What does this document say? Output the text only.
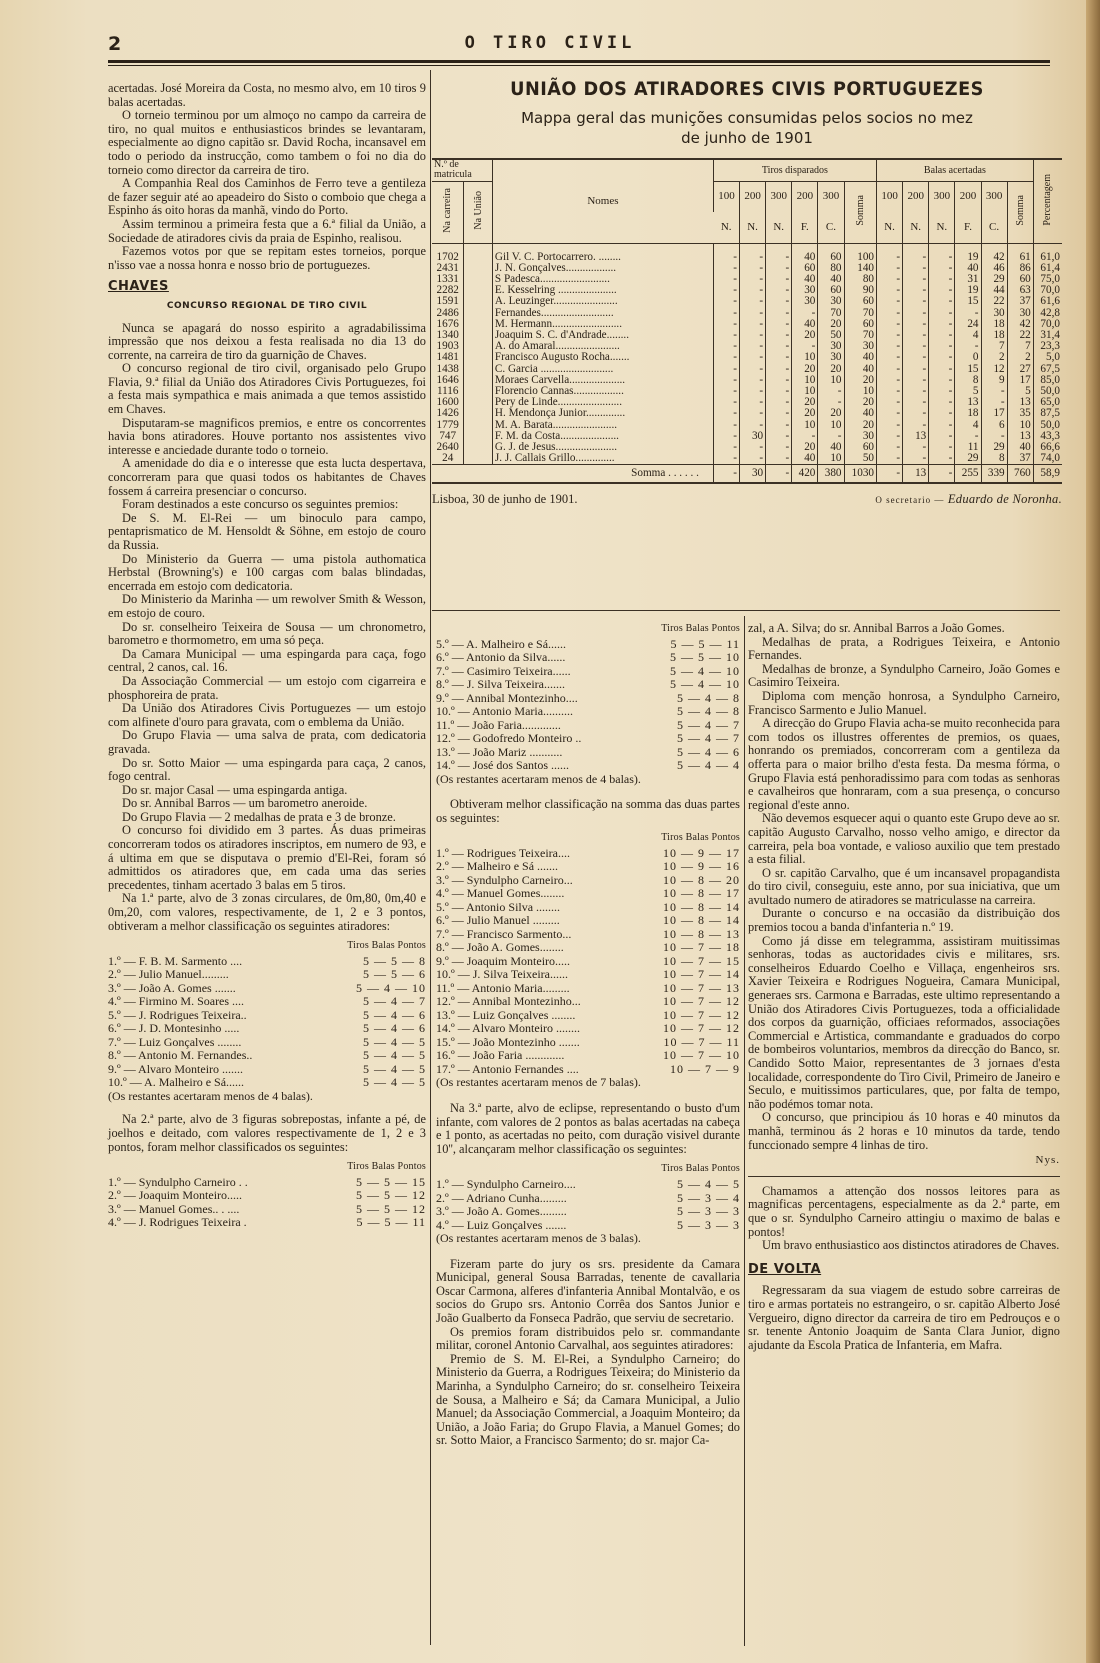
2	O TIRO CIVIL

acertadas. José Moreira da Costa, no mesmo alvo, em 10 tiros 9 balas acertadas.

O torneio terminou por um almoço no campo da carreira de tiro, no qual muitos e enthusiasticos brindes se levantaram, especialmente ao digno capitão sr. David Rocha, incansavel em todo o periodo da instrucção, como tambem o foi no dia do torneio como director da carreira de tiro.

A Companhia Real dos Caminhos de Ferro teve a gentileza de fazer seguir até ao apeadeiro do Sisto o comboio que chega a Espinho ás oito horas da manhã, vindo do Porto.

Assim terminou a primeira festa que a 6.ª filial da União, a Sociedade de atiradores civis da praia de Espinho, realisou.

Fazemos votos por que se repitam estes torneios, porque n'isso vae a nossa honra e nosso brio de portuguezes.

CHAVES
CONCURSO REGIONAL DE TIRO CIVIL

Nunca se apagará do nosso espirito a agradabilissima impressão que nos deixou a festa realisada no dia 13 do corrente, na carreira de tiro da guarnição de Chaves.

O concurso regional de tiro civil, organisado pelo Grupo Flavia, 9.ª filial da União dos Atiradores Civis Portuguezes, foi a festa mais sympathica e mais animada a que temos assistido em Chaves.

Disputaram-se magnificos premios, e entre os concorrentes havia bons atiradores. Houve portanto nos assistentes vivo interesse e anciedade durante todo o torneio.

A amenidade do dia e o interesse que esta lucta despertava, concorreram para que quasi todos os habitantes de Chaves fossem á carreira presenciar o concurso.

Foram destinados a este concurso os seguintes premios:

De S. M. El-Rei — um binoculo para campo, pentaprismatico de M. Hensoldt & Söhne, em estojo de couro da Russia.

Do Ministerio da Guerra — uma pistola authomatica Herbstal (Browning's) e 100 cargas com balas blindadas, encerrada em estojo com dedicatoria.

Do Ministerio da Marinha — um rewolver Smith & Wesson, em estojo de couro.

Do sr. conselheiro Teixeira de Sousa — um chronometro, barometro e thormometro, em uma só peça.

Da Camara Municipal — uma espingarda para caça, fogo central, 2 canos, cal. 16.

Da Associação Commercial — um estojo com cigarreira e phosphoreira de prata.

Da União dos Atiradores Civis Portuguezes — um estojo com alfinete d'ouro para gravata, com o emblema da União.

Do Grupo Flavia — uma salva de prata, com dedicatoria gravada.

Do sr. Sotto Maior — uma espingarda para caça, 2 canos, fogo central.

Do sr. major Casal — uma espingarda antiga.

Do sr. Annibal Barros — um barometro aneroide.

Do Grupo Flavia — 2 medalhas de prata e 3 de bronze.

O concurso foi dividido em 3 partes. Ás duas primeiras concorreram todos os atiradores inscriptos, em numero de 93, e á ultima em que se disputava o premio d'El-Rei, foram só admittidos os atiradores que, em cada uma das series precedentes, tinham acertado 3 balas em 5 tiros.

Na 1.ª parte, alvo de 3 zonas circulares, de 0m,80, 0m,40 e 0m,20, com valores, respectivamente, de 1, 2 e 3 pontos, obtiveram a melhor classificação os seguintes atiradores:

Tiros Balas Pontos
1.º — F. B. M. Sarmento ....	5 — 5 — 8
2.º — Julio Manuel.........	5 — 5 — 6
3.º — João A. Gomes .......	5 — 4 — 10
4.º — Firmino M. Soares ....	5 — 4 — 7
5.º — J. Rodrigues Teixeira..	5 — 4 — 6
6.º — J. D. Montesinho .....	5 — 4 — 6
7.º — Luiz Gonçalves ........	5 — 4 — 5
8.º — Antonio M. Fernandes..	5 — 4 — 5
9.º — Alvaro Monteiro .......	5 — 4 — 5
10.º — A. Malheiro e Sá......	5 — 4 — 5

(Os restantes acertaram menos de 4 balas).

Na 2.ª parte, alvo de 3 figuras sobrepostas, infante a pé, de joelhos e deitado, com valores respectivamente de 1, 2 e 3 pontos, foram melhor classificados os seguintes:

Tiros Balas Pontos
1.º — Syndulpho Carneiro . .	5 — 5 — 15
2.º — Joaquim Monteiro.....	5 — 5 — 12
3.º — Manuel Gomes.. . ....	5 — 5 — 12
4.º — J. Rodrigues Teixeira .	5 — 5 — 11
UNIÃO DOS ATIRADORES CIVIS PORTUGUEZES
Mappa geral das munições consumidas pelos socios no mez
de junho de 1901
N.º de matricula		Nomes	Tiros disparados						Balas acertadas						Percentagem
Na carreira	Na União		100	200	300	200	300	Somma	100	200	300	200	300	Somma	
			N.	N.	N.	F.	C.		N.	N.	N.	F.	C.		
1702		Gil V. C. Portocarrero. ........	-	-	-	40	60	100	-	-	-	19	42	61	61,0
2431		J. N. Gonçalves..................	-	-	-	60	80	140	-	-	-	40	46	86	61,4
1331		S Padesca.........................	-	-	-	40	40	80	-	-	-	31	29	60	75,0
2282		E. Kesselring .....................	-	-	-	30	60	90	-	-	-	19	44	63	70,0
1591		A. Leuzinger.......................	-	-	-	30	30	60	-	-	-	15	22	37	61,6
2486		Fernandes..........................	-	-	-	-	70	70	-	-	-	-	30	30	42,8
1676		M. Hermann.........................	-	-	-	40	20	60	-	-	-	24	18	42	70,0
1340		Joaquim S. C. d'Andrade........	-	-	-	20	50	70	-	-	-	4	18	22	31,4
1903		A. do Amaral.......................	-	-	-	-	30	30	-	-	-	-	7	7	23,3
1481		Francisco Augusto Rocha.......	-	-	-	10	30	40	-	-	-	0	2	2	5,0
1438		C. Garcia ..........................	-	-	-	20	20	40	-	-	-	15	12	27	67,5
1646		Moraes Carvella....................	-	-	-	10	10	20	-	-	-	8	9	17	85,0
1116		Florencio Cannas..................	-	-	-	10	-	10	-	-	-	5	-	5	50,0
1600		Pery de Linde.......................	-	-	-	20	-	20	-	-	-	13	-	13	65,0
1426		H. Mendonça Junior..............	-	-	-	20	20	40	-	-	-	18	17	35	87,5
1779		M. A. Barata.......................	-	-	-	10	10	20	-	-	-	4	6	10	50,0
747		F. M. da Costa.....................	-	30	-	-	-	30	-	13	-	-	-	13	43,3
2640		G. J. de Jesus......................	-	-	-	20	40	60	-	-	-	11	29	40	66,6
24		J. J. Callais Grillo..............	-	-	-	40	10	50	-	-	-	29	8	37	74,0
Somma . . . . . .			-	30	-	420	380	1030	-	13	-	255	339	760	58,9
Lisboa, 30 de junho de 1901.	O secretario — Eduardo de Noronha.
Tiros Balas Pontos
5.º — A. Malheiro e Sá......	5 — 5 — 11
6.º — Antonio da Silva......	5 — 5 — 10
7.º — Casimiro Teixeira......	5 — 4 — 10
8.º — J. Silva Teixeira.......	5 — 4 — 10
9.º — Annibal Montezinho....	5 — 4 — 8
10.º — Antonio Maria..........	5 — 4 — 8
11.º — João Faria.............	5 — 4 — 7
12.º — Godofredo Monteiro ..	5 — 4 — 7
13.º — João Mariz ...........	5 — 4 — 6
14.º — José dos Santos ......	5 — 4 — 4

(Os restantes acertaram menos de 4 balas).

Obtiveram melhor classificação na somma das duas partes os seguintes:

Tiros Balas Pontos
1.º — Rodrigues Teixeira....	10 — 9 — 17
2.º — Malheiro e Sá .......	10 — 9 — 16
3.º — Syndulpho Carneiro...	10 — 8 — 20
4.º — Manuel Gomes........	10 — 8 — 17
5.º — Antonio Silva ........	10 — 8 — 14
6.º — Julio Manuel .........	10 — 8 — 14
7.º — Francisco Sarmento...	10 — 8 — 13
8.º — João A. Gomes........	10 — 7 — 18
9.º — Joaquim Monteiro.....	10 — 7 — 15
10.º — J. Silva Teixeira......	10 — 7 — 14
11.º — Antonio Maria.........	10 — 7 — 13
12.º — Annibal Montezinho...	10 — 7 — 12
13.º — Luiz Gonçalves ........	10 — 7 — 12
14.º — Alvaro Monteiro ........	10 — 7 — 12
15.º — João Montezinho .......	10 — 7 — 11
16.º — João Faria .............	10 — 7 — 10
17.º — Antonio Fernandes ....	10 — 7 — 9

(Os restantes acertaram menos de 7 balas).

Na 3.ª parte, alvo de eclipse, representando o busto d'um infante, com valores de 2 pontos as balas acertadas na cabeça e 1 ponto, as acertadas no peito, com duração visivel durante 10'', alcançaram melhor classificação os seguintes:

Tiros Balas Pontos
1.º — Syndulpho Carneiro....	5 — 4 — 5
2.º — Adriano Cunha.........	5 — 3 — 4
3.º — João A. Gomes.........	5 — 3 — 3
4.º — Luiz Gonçalves .......	5 — 3 — 3

(Os restantes acertaram menos de 3 balas).

Fizeram parte do jury os srs. presidente da Camara Municipal, general Sousa Barradas, tenente de cavallaria Oscar Carmona, alferes d'infanteria Annibal Montalvão, e os socios do Grupo srs. Antonio Corrêa dos Santos Junior e João Gualberto da Fonseca Padrão, que serviu de secretario.

Os premios foram distribuidos pelo sr. commandante militar, coronel Antonio Carvalhal, aos seguintes atiradores:

Premio de S. M. El-Rei, a Syndulpho Carneiro; do Ministerio da Guerra, a Rodrigues Teixeira; do Ministerio da Marinha, a Syndulpho Carneiro; do sr. conselheiro Teixeira de Sousa, a Malheiro e Sá; da Camara Municipal, a Julio Manuel; da Associação Commercial, a Joaquim Monteiro; da União, a João Faria; do Grupo Flavia, a Manuel Gomes; do sr. Sotto Maior, a Francisco Sarmento; do sr. major Ca-

zal, a A. Silva; do sr. Annibal Barros a João Gomes.

Medalhas de prata, a Rodrigues Teixeira, e Antonio Fernandes.

Medalhas de bronze, a Syndulpho Carneiro, João Gomes e Casimiro Teixeira.

Diploma com menção honrosa, a Syndulpho Carneiro, Francisco Sarmento e Julio Manuel.

A direcção do Grupo Flavia acha-se muito reconhecida para com todos os illustres offerentes de premios, os quaes, honrando os premiados, concorreram com a gentileza da offerta para o maior brilho d'esta festa. Da mesma fórma, o Grupo Flavia está penhoradissimo para com todas as senhoras e cavalheiros que honraram, com a sua presença, o concurso regional d'este anno.

Não devemos esquecer aqui o quanto este Grupo deve ao sr. capitão Augusto Carvalho, nosso velho amigo, e director da carreira, pela boa vontade, e valioso auxilio que tem prestado a esta filial.

O sr. capitão Carvalho, que é um incansavel propagandista do tiro civil, conseguiu, este anno, por sua iniciativa, que um avultado numero de atiradores se matriculasse na carreira.

Durante o concurso e na occasião da distribuição dos premios tocou a banda d'infanteria n.º 19.

Como já disse em telegramma, assistiram muitissimas senhoras, todas as auctoridades civis e militares, srs. conselheiros Eduardo Coelho e Villaça, engenheiros srs. Xavier Teixeira e Rodrigues Nogueira, Camara Municipal, generaes srs. Carmona e Barradas, este ultimo representando a União dos Atiradores Civis Portuguezes, toda a officialidade dos corpos da guarnição, officiaes reformados, associações Commercial e Artistica, commandante e graduados do corpo de bombeiros voluntarios, membros da direcção do Banco, sr. Candido Sotto Maior, representantes de 3 jornaes d'esta localidade, correspondente do Tiro Civil, Primeiro de Janeiro e Seculo, e muitissimos particulares, que, por falta de tempo, não podémos tomar nota.

O concurso, que principiou ás 10 horas e 40 minutos da manhã, terminou ás 2 horas e 10 minutos da tarde, tendo funccionado sempre 4 linhas de tiro.

Nys.

Chamamos a attenção dos nossos leitores para as magnificas percentagens, especialmente as da 2.ª parte, em que o sr. Syndulpho Carneiro attingiu o maximo de balas e pontos!

Um bravo enthusiastico aos distinctos atiradores de Chaves.

DE VOLTA

Regressaram da sua viagem de estudo sobre carreiras de tiro e armas portateis no estrangeiro, o sr. capitão Alberto José Vergueiro, digno director da carreira de tiro em Pedrouços e o sr. tenente Antonio Joaquim de Santa Clara Junior, digno ajudante da Escola Pratica de Infanteria, em Mafra.
